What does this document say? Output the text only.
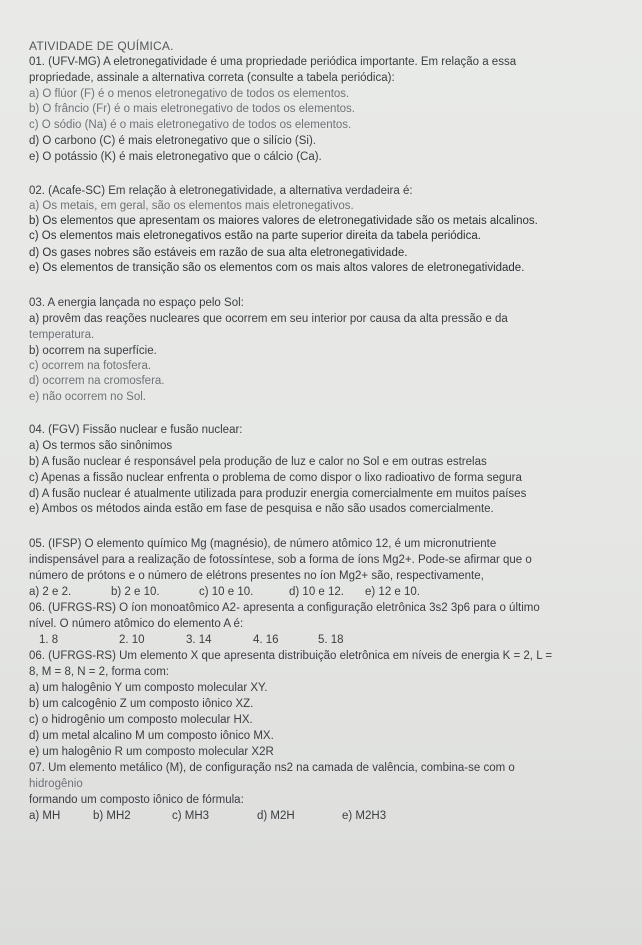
ATIVIDADE DE QUÍMICA.
01. (UFV-MG) A eletronegatividade é uma propriedade periódica importante. Em relação a essa
propriedade, assinale a alternativa correta (consulte a tabela periódica):
a) O flúor (F) é o menos eletronegativo de todos os elementos.
b) O frâncio (Fr) é o mais eletronegativo de todos os elementos.
c) O sódio (Na) é o mais eletronegativo de todos os elementos.
d) O carbono (C) é mais eletronegativo que o silício (Si).
e) O potássio (K) é mais eletronegativo que o cálcio (Ca).
02. (Acafe-SC) Em relação à eletronegatividade, a alternativa verdadeira é:
a) Os metais, em geral, são os elementos mais eletronegativos.
b) Os elementos que apresentam os maiores valores de eletronegatividade são os metais alcalinos.
c) Os elementos mais eletronegativos estão na parte superior direita da tabela periódica.
d) Os gases nobres são estáveis em razão de sua alta eletronegatividade.
e) Os elementos de transição são os elementos com os mais altos valores de eletronegatividade.
03. A energia lançada no espaço pelo Sol:
a) provêm das reações nucleares que ocorrem em seu interior por causa da alta pressão e da
temperatura.
b) ocorrem na superfície.
c) ocorrem na fotosfera.
d) ocorrem na cromosfera.
e) não ocorrem no Sol.
04. (FGV) Fissão nuclear e fusão nuclear:
a) Os termos são sinônimos
b) A fusão nuclear é responsável pela produção de luz e calor no Sol e em outras estrelas
c) Apenas a fissão nuclear enfrenta o problema de como dispor o lixo radioativo de forma segura
d) A fusão nuclear é atualmente utilizada para produzir energia comercialmente em muitos países
e) Ambos os métodos ainda estão em fase de pesquisa e não são usados comercialmente.
05. (IFSP) O elemento químico Mg (magnésio), de número atômico 12, é um micronutriente
indispensável para a realização de fotossíntese, sob a forma de íons Mg2+. Pode-se afirmar que o
número de prótons e o número de elétrons presentes no íon Mg2+ são, respectivamente,
a) 2 e 2.	b) 2 e 10.	c) 10 e 10.	d) 10 e 12. e) 12 e 10.
06. (UFRGS-RS) O íon monoatômico A2- apresenta a configuração eletrônica 3s2 3p6 para o último
nível. O número atômico do elemento A é:
1. 8	2. 10	3. 14	4. 16	5. 18
06. (UFRGS-RS) Um elemento X que apresenta distribuição eletrônica em níveis de energia K = 2, L =
8, M = 8, N = 2, forma com:
a) um halogênio Y um composto molecular XY.
b) um calcogênio Z um composto iônico XZ.
c) o hidrogênio um composto molecular HX.
d) um metal alcalino M um composto iônico MX.
e) um halogênio R um composto molecular X2R
07. Um elemento metálico (M), de configuração ns2 na camada de valência, combina-se com o
hidrogênio
formando um composto iônico de fórmula:
a) MH	b) MH2	c) MH3	d) M2H	e) M2H3
